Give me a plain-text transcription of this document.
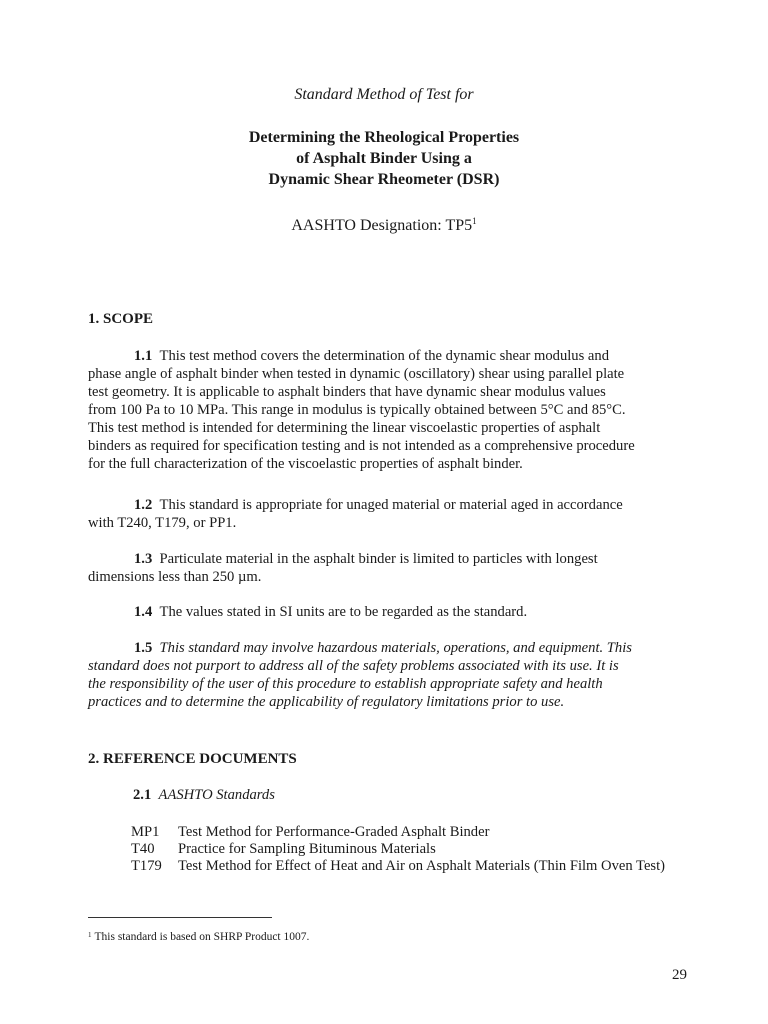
Standard Method of Test for
Determining the Rheological Properties
of Asphalt Binder Using a
Dynamic Shear Rheometer (DSR)
AASHTO Designation: $TP5^1$
1. SCOPE
1.1 This test method covers the determination of the dynamic shear modulus and
phase angle of asphalt binder when tested in dynamic (oscillatory) shear using parallel plate
test geometry. It is applicable to asphalt binders that have dynamic shear modulus values
from 100 Pa to 10 MPa. This range in modulus is typically obtained between 5°C and 85°C.
This test method is intended for determining the linear viscoelastic properties of asphalt
binders as required for specification testing and is not intended as a comprehensive procedure
for the full characterization of the viscoelastic properties of asphalt binder.
1.2 This standard is appropriate for unaged material or material aged in accordance
with T240, T179, or PP1.
1.3 Particulate material in the asphalt binder is limited to particles with longest
dimensions less than 250 µm.
1.4 The values stated in SI units are to be regarded as the standard.
1.5 This standard may involve hazardous materials, operations, and equipment. This
standard does not purport to address all of the safety problems associated with its use. It is
the responsibility of the user of this procedure to establish appropriate safety and health
practices and to determine the applicability of regulatory limitations prior to use.
2. REFERENCE DOCUMENTS
2.1 AASHTO Standards
MP1 Test Method for Performance-Graded Asphalt Binder
T40 Practice for Sampling Bituminous Materials
T179 Test Method for Effect of Heat and Air on Asphalt Materials (Thin Film Oven Test)
$^1$ This standard is based on SHRP Product 1007.
29
